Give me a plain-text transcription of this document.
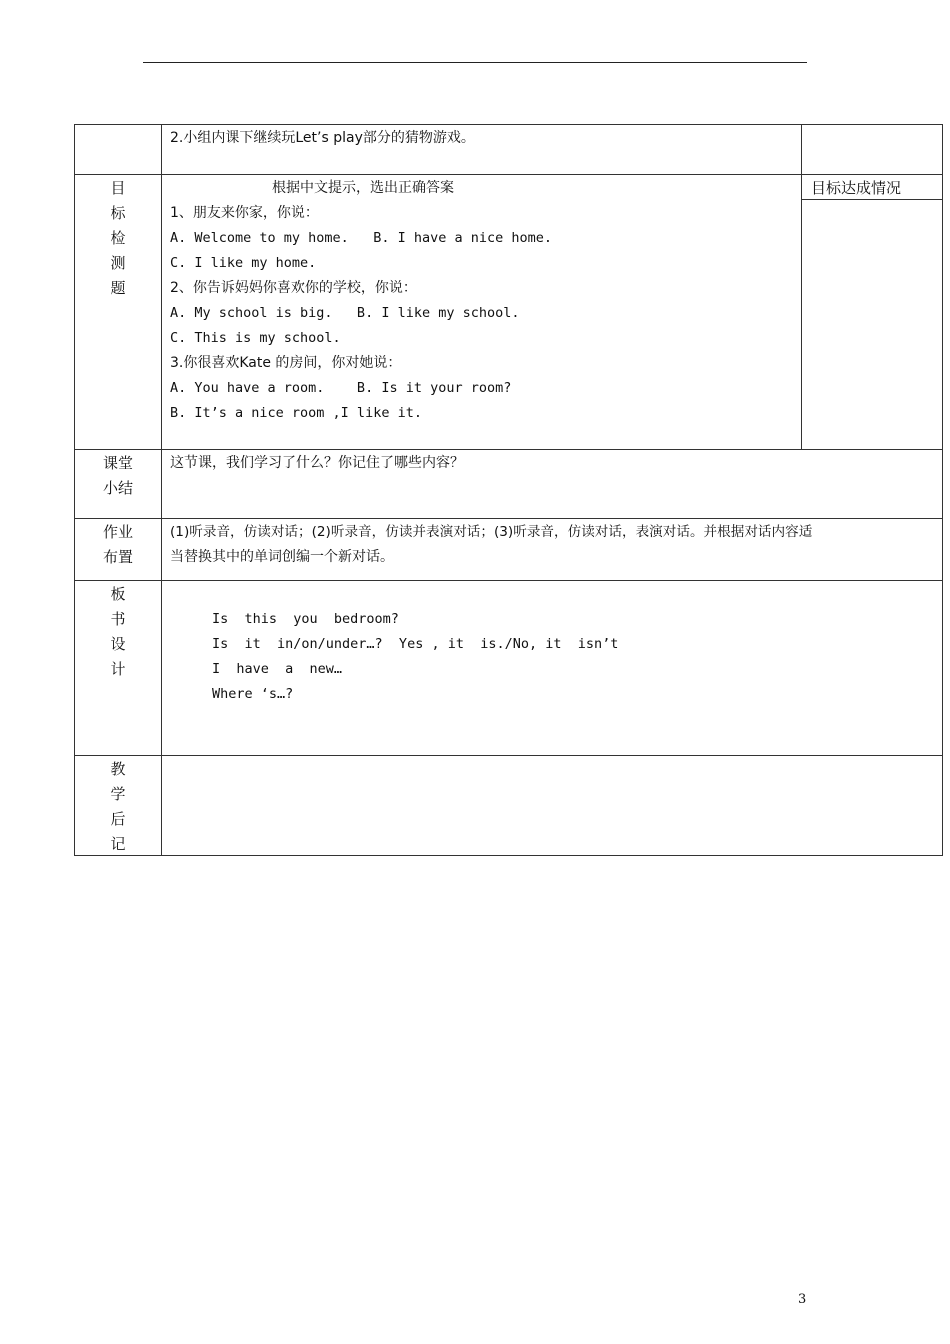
2.小组内课下继续玩Let’s play部分的猜物游戏。
目
标
检
测
题
根据中文提示，选出正确答案	目标达成情况
1、朋友来你家，你说：
A. Welcome to my home.   B. I have a nice home.
C. I like my home.
2、你告诉妈妈你喜欢你的学校，你说：
A. My school is big.   B. I like my school.
C. This is my school.
3.你很喜欢Kate 的房间，你对她说：
A. You have a room.    B. Is it your room?
B. It’s a nice room ,I like it.
课堂
小结
这节课，我们学习了什么？你记住了哪些内容？
作业
布置
(1)听录音，仿读对话；(2)听录音，仿读并表演对话；(3)听录音，仿读对话，表演对话。并根据对话内容适
当替换其中的单词创编一个新对话。
板
书
设
计
Is  this  you  bedroom?
Is  it  in/on/under…?  Yes , it  is./No, it  isn’t
I  have  a  new…
Where ‘s…?
教
学
后
记
3
